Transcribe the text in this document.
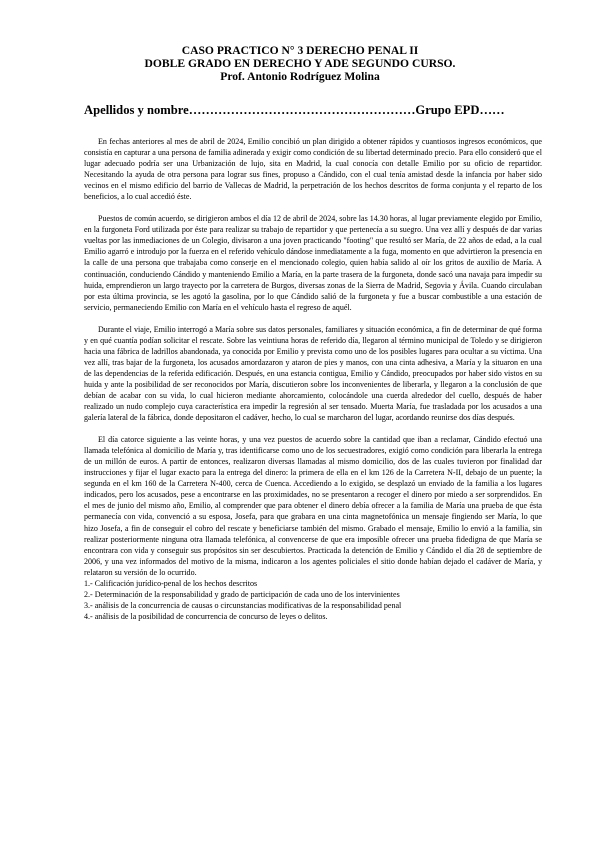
CASO PRACTICO N° 3 DERECHO PENAL II
DOBLE GRADO EN DERECHO Y ADE SEGUNDO CURSO.
Prof. Antonio Rodríguez Molina
Apellidos y nombre………………………………………………Grupo EPD……

En fechas anteriores al mes de abril de 2024, Emilio concibió un plan dirigido a obtener rápidos y cuantiosos ingresos económicos, que consistía en capturar a una persona de familia adinerada y exigir como condición de su libertad determinado precio. Para ello consideró que el lugar adecuado podría ser una Urbanización de lujo, sita en Madrid, la cual conocía con detalle Emilio por su oficio de repartidor. Necesitando la ayuda de otra persona para lograr sus fines, propuso a Cándido, con el cual tenía amistad desde la infancia por haber sido vecinos en el mismo edificio del barrio de Vallecas de Madrid, la perpetración de los hechos descritos de forma conjunta y el reparto de los beneficios, a lo cual accedió éste.

Puestos de común acuerdo, se dirigieron ambos el día 12 de abril de 2024, sobre las 14.30 horas, al lugar previamente elegido por Emilio, en la furgoneta Ford utilizada por éste para realizar su trabajo de repartidor y que pertenecía a su suegro. Una vez allí y después de dar varias vueltas por las inmediaciones de un Colegio, divisaron a una joven practicando "footing" que resultó ser María, de 22 años de edad, a la cual Emilio agarró e introdujo por la fuerza en el referido vehículo dándose inmediatamente a la fuga, momento en que advirtieron la presencia en la calle de una persona que trabajaba como conserje en el mencionado colegio, quien había salido al oír los gritos de auxilio de María. A continuación, conduciendo Cándido y manteniendo Emilio a María, en la parte trasera de la furgoneta, donde sacó una navaja para impedir su huida, emprendieron un largo trayecto por la carretera de Burgos, diversas zonas de la Sierra de Madrid, Segovia y Ávila. Cuando circulaban por esta última provincia, se les agotó la gasolina, por lo que Cándido salió de la furgoneta y fue a buscar combustible a una estación de servicio, permaneciendo Emilio con María en el vehículo hasta el regreso de aquél.

Durante el viaje, Emilio interrogó a María sobre sus datos personales, familiares y situación económica, a fin de determinar de qué forma y en qué cuantía podían solicitar el rescate. Sobre las veintiuna horas de referido día, llegaron al término municipal de Toledo y se dirigieron hacia una fábrica de ladrillos abandonada, ya conocida por Emilio y prevista como uno de los posibles lugares para ocultar a su víctima. Una vez allí, tras bajar de la furgoneta, los acusados amordazaron y ataron de pies y manos, con una cinta adhesiva, a María y la situaron en una de las dependencias de la referida edificación. Después, en una estancia contigua, Emilio y Cándido, preocupados por haber sido vistos en su huida y ante la posibilidad de ser reconocidos por María, discutieron sobre los inconvenientes de liberarla, y llegaron a la conclusión de que debían de acabar con su vida, lo cual hicieron mediante ahorcamiento, colocándole una cuerda alrededor del cuello, después de haber realizado un nudo complejo cuya característica era impedir la regresión al ser tensado. Muerta María, fue trasladada por los acusados a una galería lateral de la fábrica, donde depositaron el cadáver, hecho, lo cual se marcharon del lugar, acordando reunirse dos días después.

El día catorce siguiente a las veinte horas, y una vez puestos de acuerdo sobre la cantidad que iban a reclamar, Cándido efectuó una llamada telefónica al domicilio de María y, tras identificarse como uno de los secuestradores, exigió como condición para liberarla la entrega de un millón de euros. A partir de entonces, realizaron diversas llamadas al mismo domicilio, dos de las cuales tuvieron por finalidad dar instrucciones y fijar el lugar exacto para la entrega del dinero: la primera de ella en el km 126 de la Carretera N-II, debajo de un puente; la segunda en el km 160 de la Carretera N-400, cerca de Cuenca. Accediendo a lo exigido, se desplazó un enviado de la familia a los lugares indicados, pero los acusados, pese a encontrarse en las proximidades, no se presentaron a recoger el dinero por miedo a ser sorprendidos. En el mes de junio del mismo año, Emilio, al comprender que para obtener el dinero debía ofrecer a la familia de María una prueba de que ésta permanecía con vida, convenció a su esposa, Josefa, para que grabara en una cinta magnetofónica un mensaje fingiendo ser María, lo que hizo Josefa, a fin de conseguir el cobro del rescate y beneficiarse también del mismo. Grabado el mensaje, Emilio lo envió a la familia, sin realizar posteriormente ninguna otra llamada telefónica, al convencerse de que era imposible ofrecer una prueba fidedigna de que María se encontrara con vida y conseguir sus propósitos sin ser descubiertos. Practicada la detención de Emilio y Cándido el día 28 de septiembre de 2006, y una vez informados del motivo de la misma, indicaron a los agentes policiales el sitio donde habían dejado el cadáver de María, y relataron su versión de lo ocurrido.

1.- Calificación jurídico-penal de los hechos descritos
2.- Determinación de la responsabilidad y grado de participación de cada uno de los intervinientes
3.- análisis de la concurrencia de causas o circunstancias modificativas de la responsabilidad penal
4.- análisis de la posibilidad de concurrencia de concurso de leyes o delitos.
